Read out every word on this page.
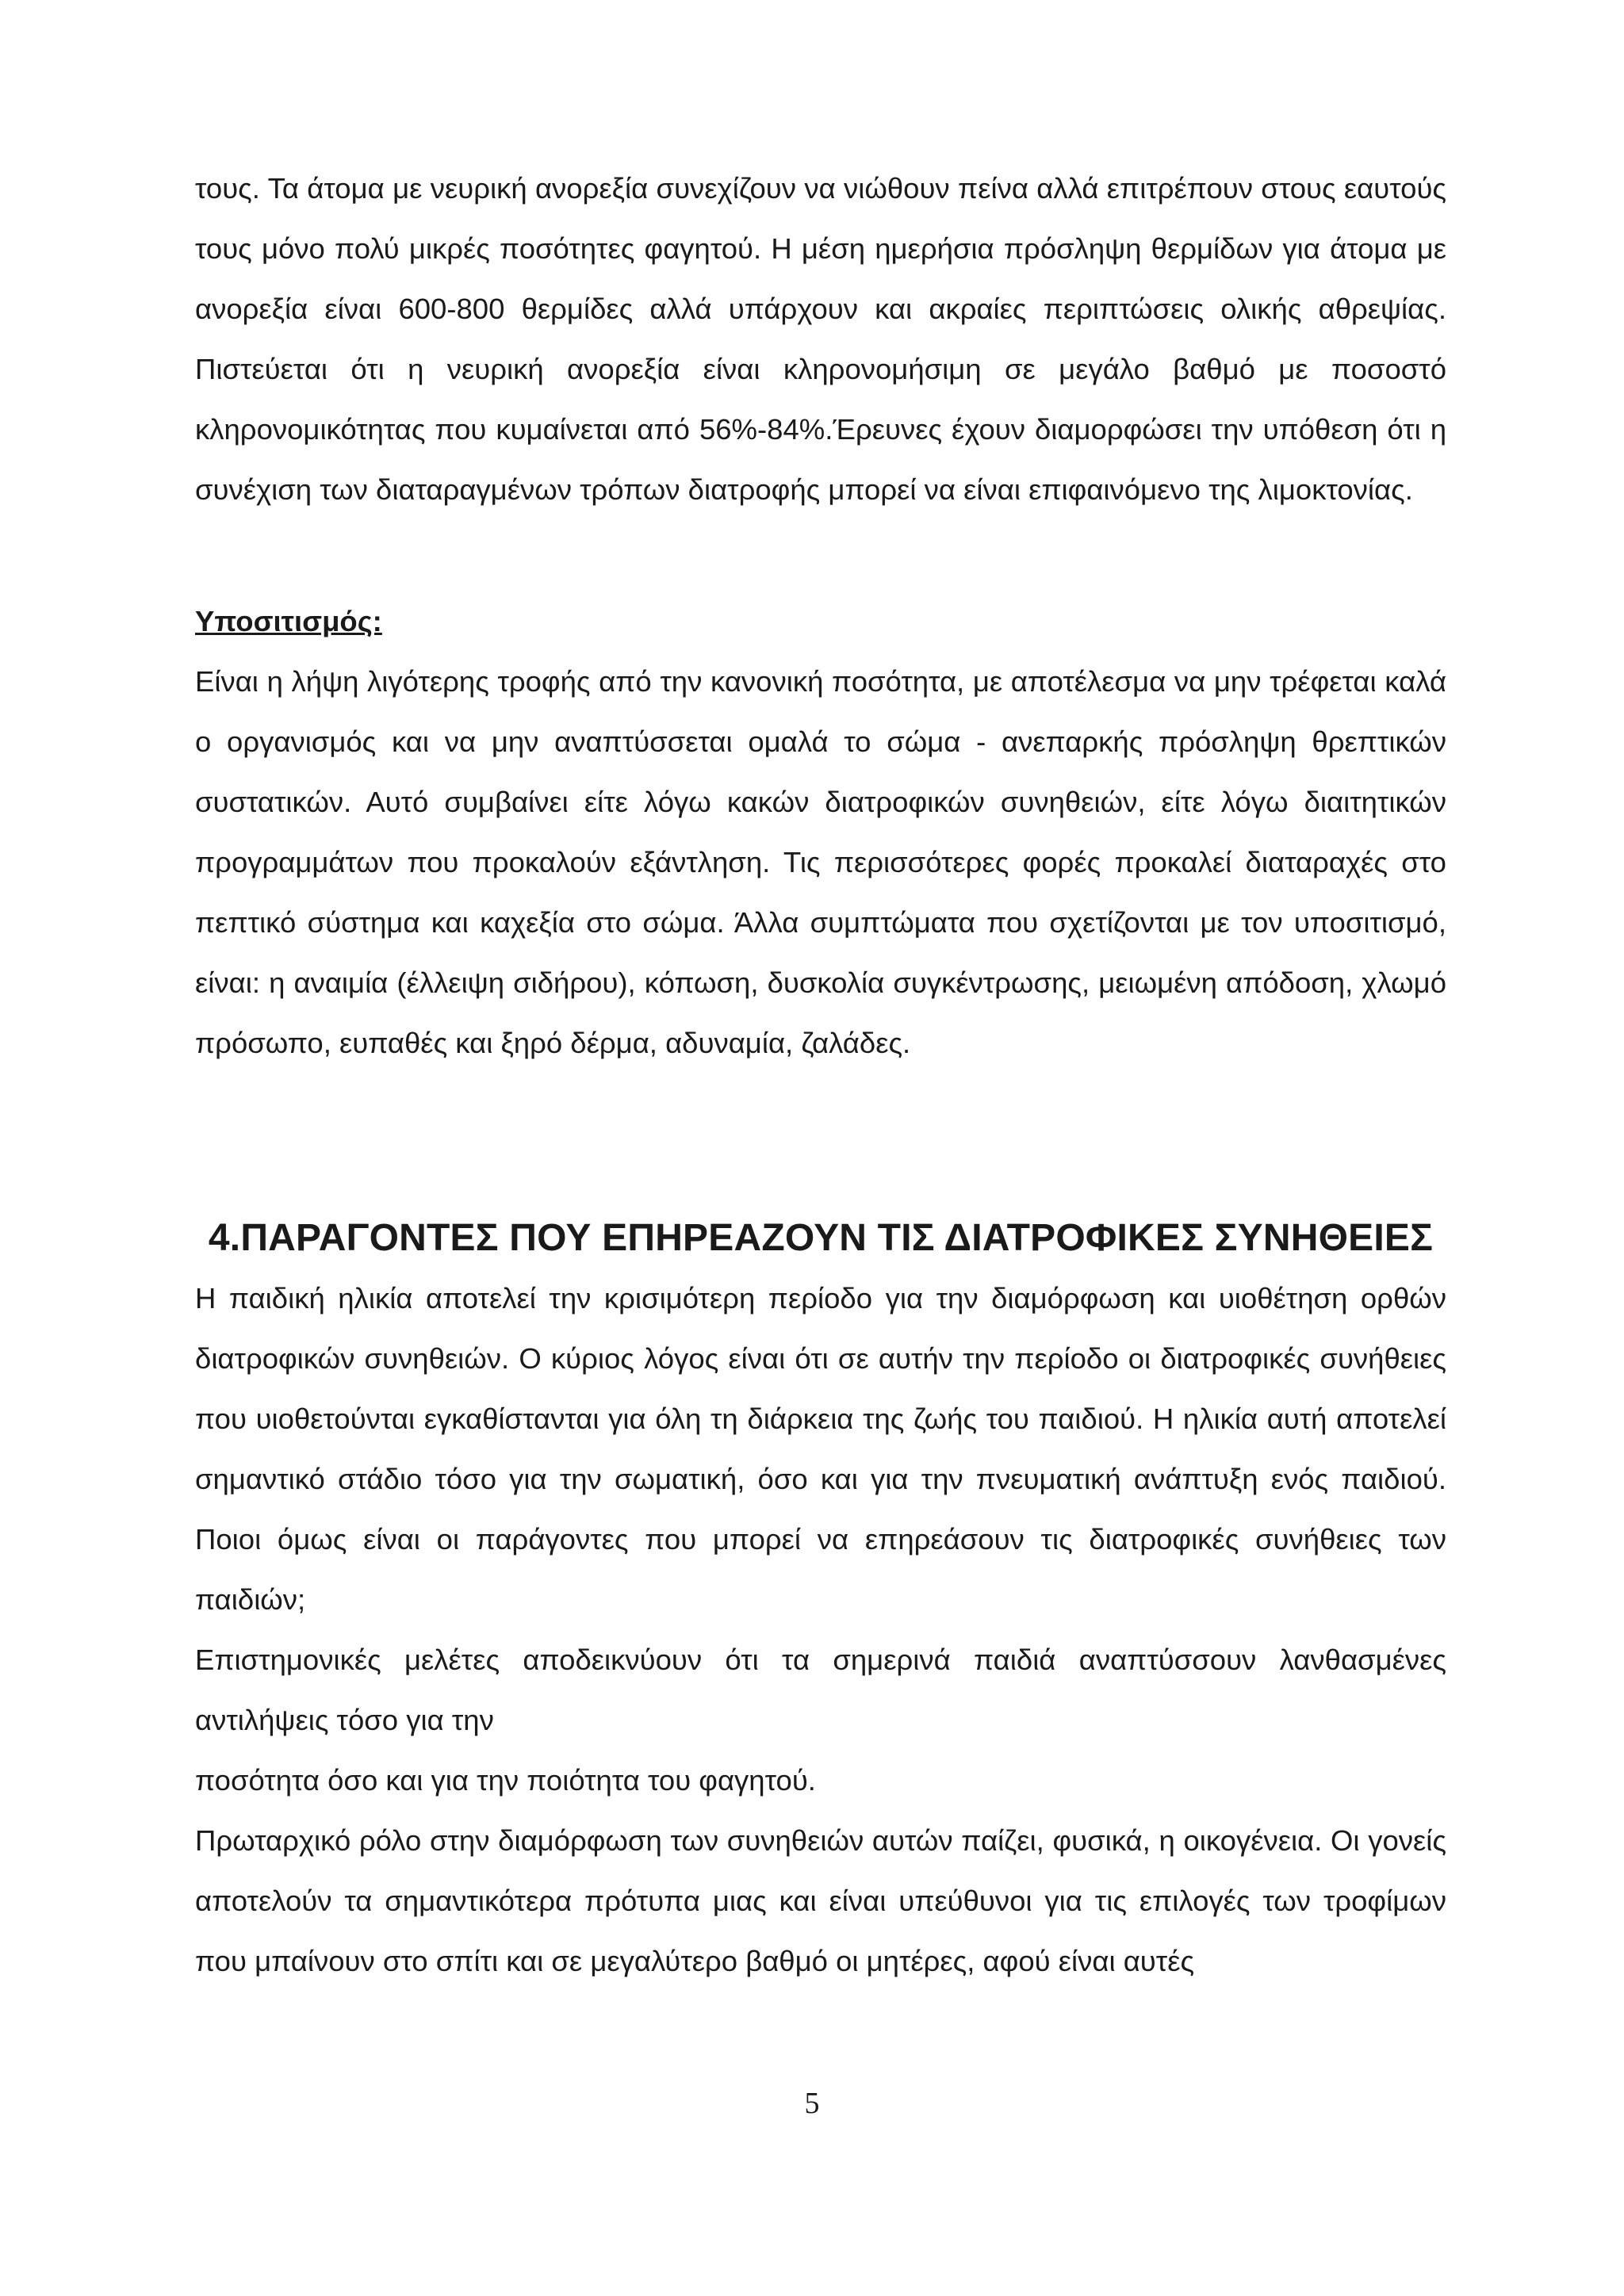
τους. Τα άτομα με νευρική ανορεξία συνεχίζουν να νιώθουν πείνα αλλά επιτρέπουν στους εαυτούς τους μόνο πολύ μικρές ποσότητες φαγητού. Η μέση ημερήσια πρόσληψη θερμίδων για άτομα με ανορεξία είναι 600-800 θερμίδες αλλά υπάρχουν και ακραίες περιπτώσεις ολικής αθρεψίας. Πιστεύεται ότι η νευρική ανορεξία είναι κληρονομήσιμη σε μεγάλο βαθμό με ποσοστό κληρονομικότητας που κυμαίνεται από 56%-84%.Έρευνες έχουν διαμορφώσει την υπόθεση ότι η συνέχιση των διαταραγμένων τρόπων διατροφής μπορεί να είναι επιφαινόμενο της λιμοκτονίας.

Υποσιτισμός:

Είναι η λήψη λιγότερης τροφής από την κανονική ποσότητα, με αποτέλεσμα να μην τρέφεται καλά ο οργανισμός και να μην αναπτύσσεται ομαλά το σώμα - ανεπαρκής πρόσληψη θρεπτικών συστατικών. Αυτό συμβαίνει είτε λόγω κακών διατροφικών συνηθειών, είτε λόγω διαιτητικών προγραμμάτων που προκαλούν εξάντληση. Τις περισσότερες φορές προκαλεί διαταραχές στο πεπτικό σύστημα και καχεξία στο σώμα. Άλλα συμπτώματα που σχετίζονται με τον υποσιτισμό, είναι: η αναιμία (έλλειψη σιδήρου), κόπωση, δυσκολία συγκέντρωσης, μειωμένη απόδοση, χλωμό πρόσωπο, ευπαθές και ξηρό δέρμα, αδυναμία, ζαλάδες.

4.ΠΑΡΑΓΟΝΤΕΣ ΠΟΥ ΕΠΗΡΕΑΖΟΥΝ ΤΙΣ ΔΙΑΤΡΟΦΙΚΕΣ ΣΥΝΗΘΕΙΕΣ

Η παιδική ηλικία αποτελεί την κρισιμότερη περίοδο για την διαμόρφωση και υιοθέτηση ορθών διατροφικών συνηθειών. Ο κύριος λόγος είναι ότι σε αυτήν την περίοδο οι διατροφικές συνήθειες που υιοθετούνται εγκαθίστανται για όλη τη διάρκεια της ζωής του παιδιού. Η ηλικία αυτή αποτελεί σημαντικό στάδιο τόσο για την σωματική, όσο και για την πνευματική ανάπτυξη ενός παιδιού. Ποιοι όμως είναι οι παράγοντες που μπορεί να επηρεάσουν τις διατροφικές συνήθειες των παιδιών;

Επιστημονικές μελέτες αποδεικνύουν ότι τα σημερινά παιδιά αναπτύσσουν λανθασμένες αντιλήψεις τόσο για την

ποσότητα όσο και για την ποιότητα του φαγητού.

Πρωταρχικό ρόλο στην διαμόρφωση των συνηθειών αυτών παίζει, φυσικά, η οικογένεια. Οι γονείς αποτελούν τα σημαντικότερα πρότυπα μιας και είναι υπεύθυνοι για τις επιλογές των τροφίμων που μπαίνουν στο σπίτι και σε μεγαλύτερο βαθμό οι μητέρες, αφού είναι αυτές

5
